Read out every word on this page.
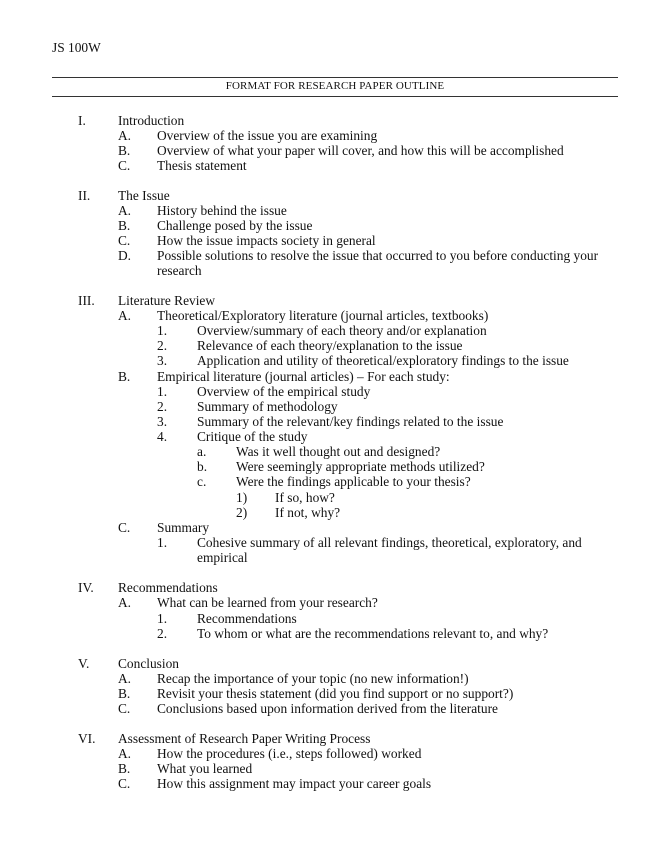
JS 100W
FORMAT FOR RESEARCH PAPER OUTLINE
I. Introduction
A. Overview of the issue you are examining
B. Overview of what your paper will cover, and how this will be accomplished
C. Thesis statement
II. The Issue
A. History behind the issue
B. Challenge posed by the issue
C. How the issue impacts society in general
D. Possible solutions to resolve the issue that occurred to you before conducting your
research
III. Literature Review
A. Theoretical/Exploratory literature (journal articles, textbooks)
1. Overview/summary of each theory and/or explanation
2. Relevance of each theory/explanation to the issue
3. Application and utility of theoretical/exploratory findings to the issue
B. Empirical literature (journal articles) – For each study:
1. Overview of the empirical study
2. Summary of methodology
3. Summary of the relevant/key findings related to the issue
4. Critique of the study
a. Was it well thought out and designed?
b. Were seemingly appropriate methods utilized?
c. Were the findings applicable to your thesis?
1) If so, how?
2) If not, why?
C. Summary
1. Cohesive summary of all relevant findings, theoretical, exploratory, and
empirical
IV. Recommendations
A. What can be learned from your research?
1. Recommendations
2. To whom or what are the recommendations relevant to, and why?
V. Conclusion
A. Recap the importance of your topic (no new information!)
B. Revisit your thesis statement (did you find support or no support?)
C. Conclusions based upon information derived from the literature
VI. Assessment of Research Paper Writing Process
A. How the procedures (i.e., steps followed) worked
B. What you learned
C. How this assignment may impact your career goals
